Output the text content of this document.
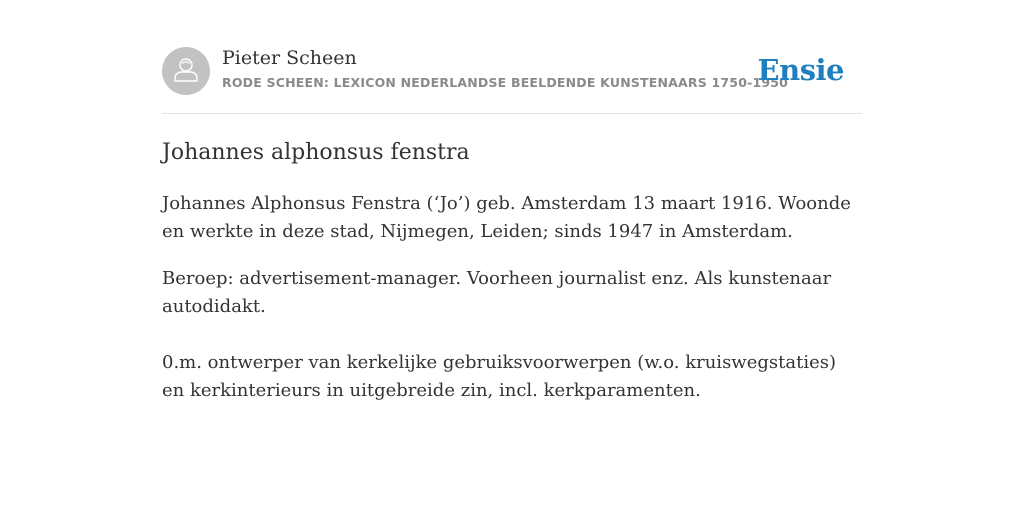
Pieter Scheen
RODE SCHEEN: LEXICON NEDERLANDSE BEELDENDE KUNSTENAARS 1750-1950
Ensie
Johannes alphonsus fenstra

Johannes Alphonsus Fenstra (‘Jo’) geb. Amsterdam 13 maart 1916. Woonde en werkte in deze stad, Nijmegen, Leiden; sinds 1947 in Amsterdam.

Beroep: advertisement-manager. Voorheen journalist enz. Als kunstenaar autodidakt.

0.m. ontwerper van kerkelijke gebruiksvoorwerpen (w.o. kruiswegstaties) en kerkinterieurs in uitgebreide zin, incl. kerkparamenten.
